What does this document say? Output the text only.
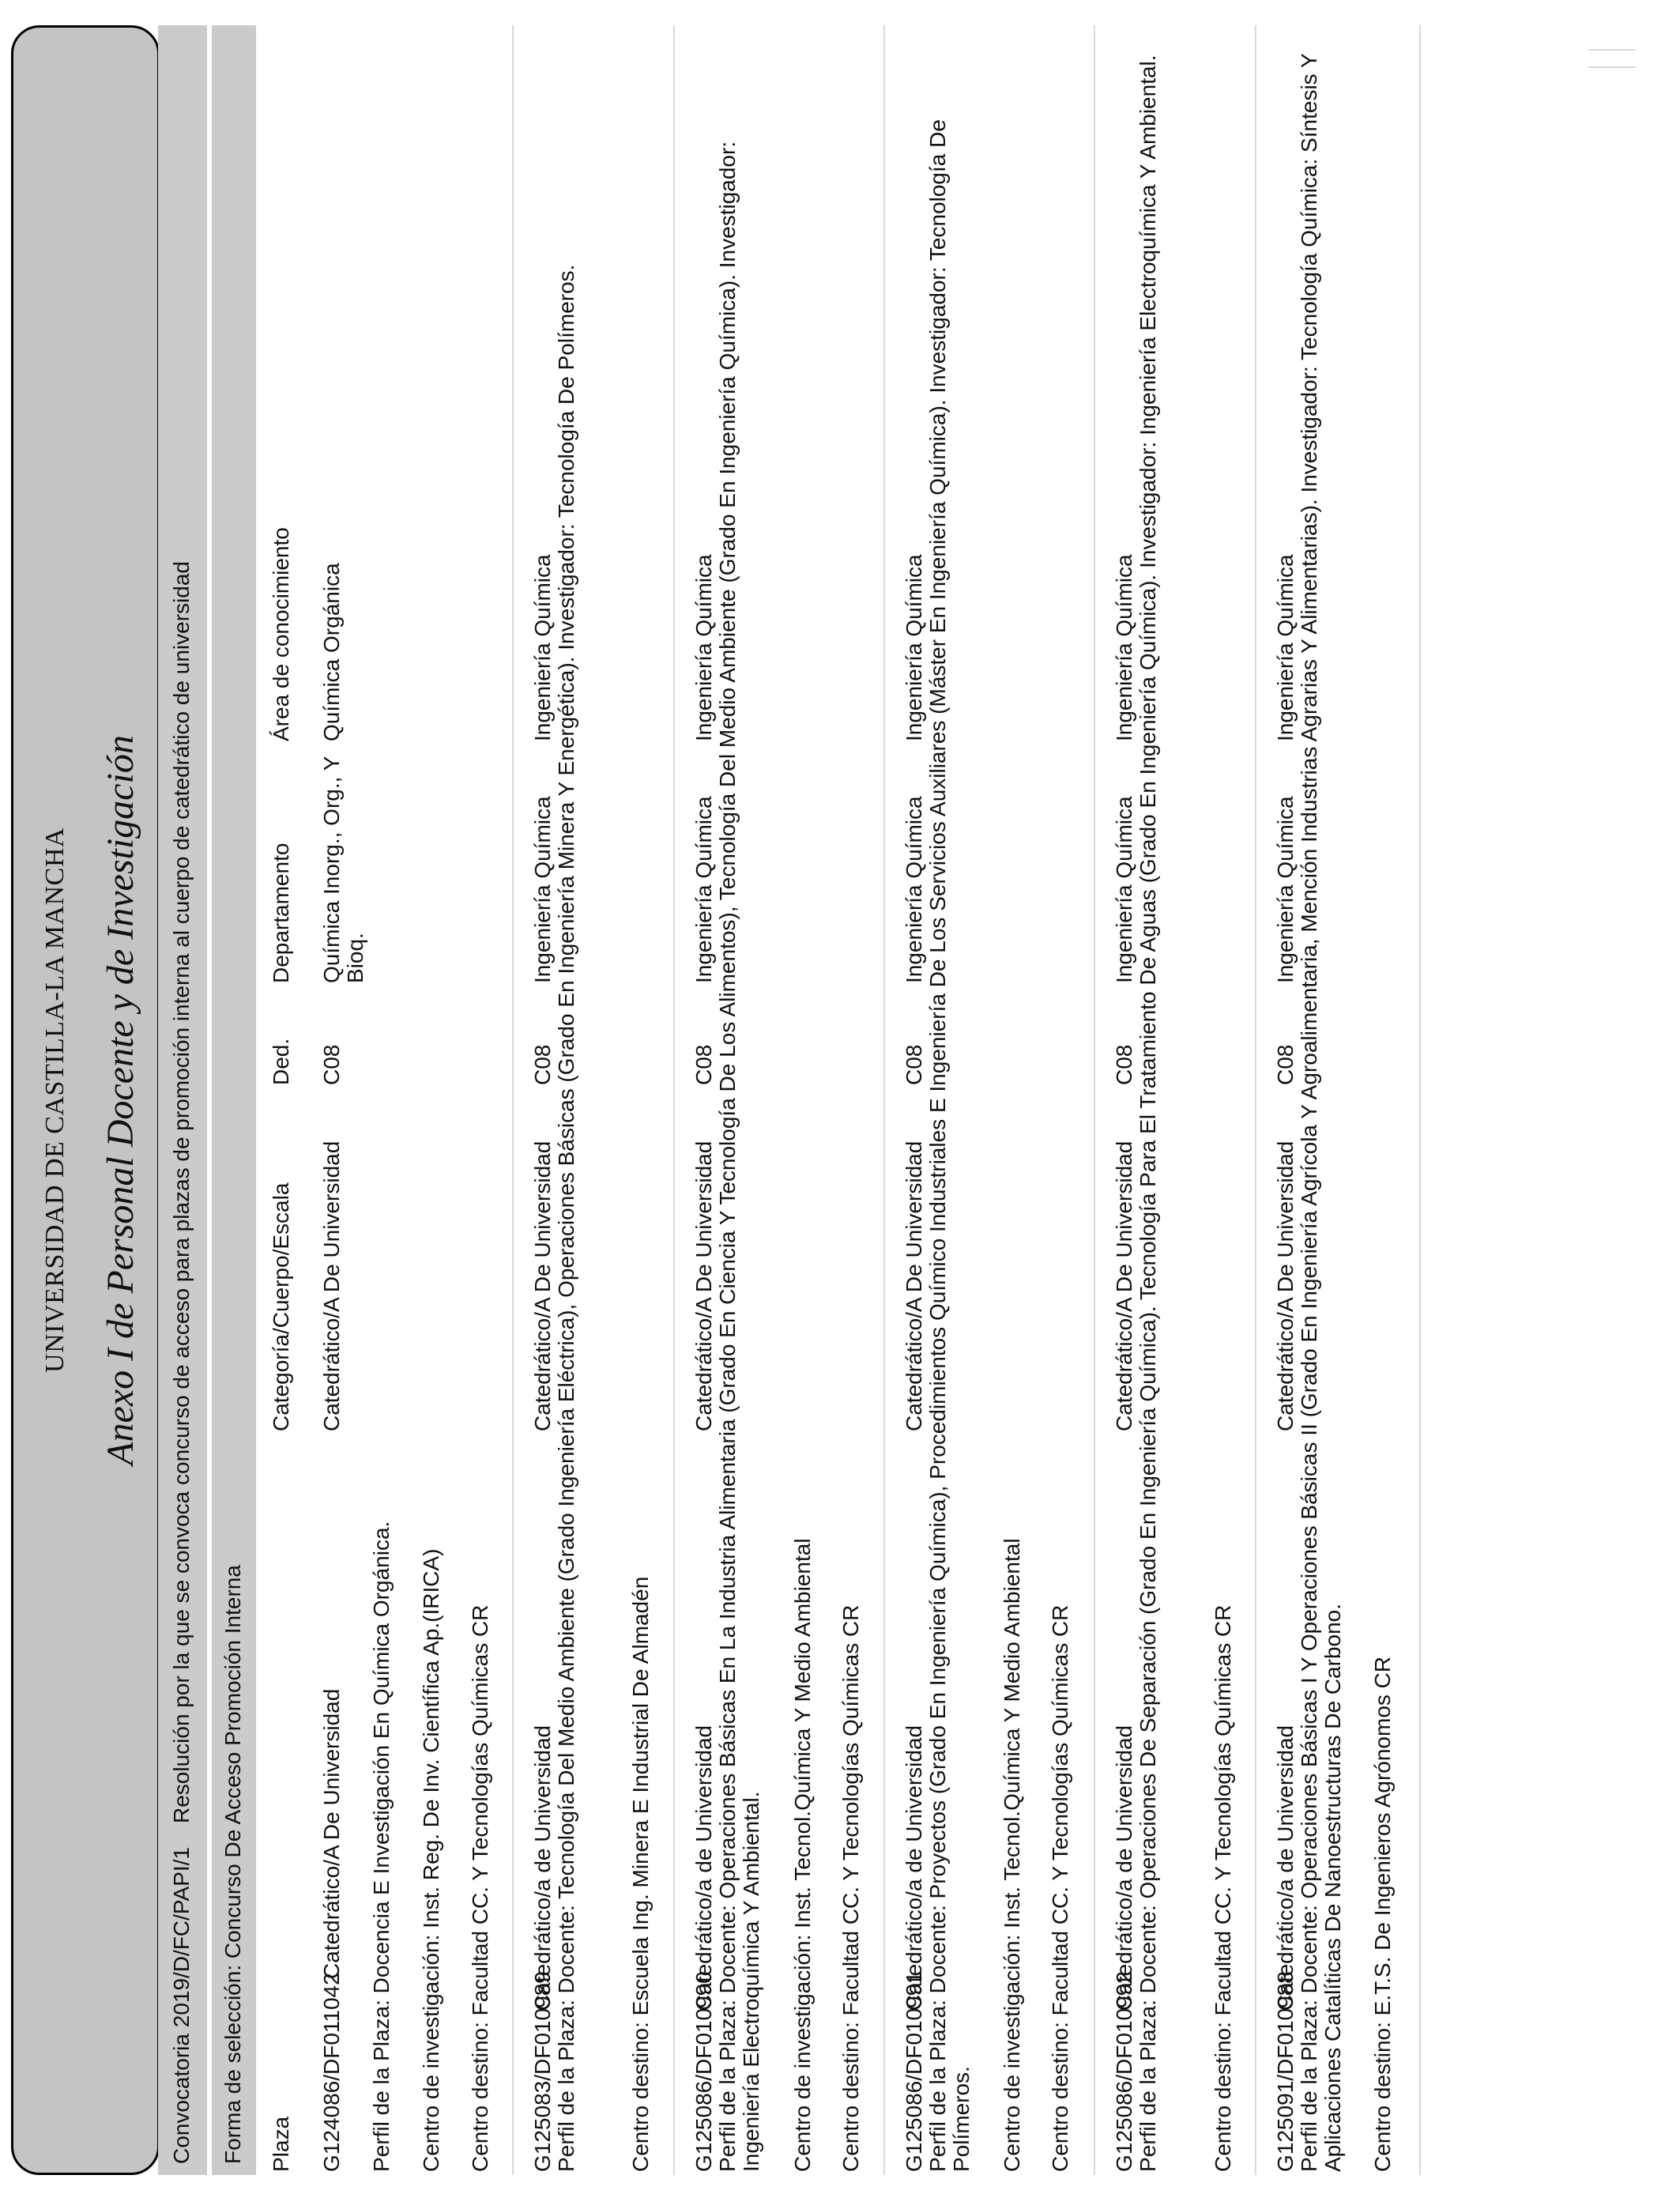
UNIVERSIDAD DE CASTILLA-LA MANCHA Anexo I de Personal Docente y de Investigación
Convocatoria 2019/D/FC/PAPI/1
Resolución por la que se convoca concurso de acceso para plazas de promoción interna al cuerpo de catedrático de universidad
Forma de selección: Concurso De Acceso Promoción Interna Plaza
Categoría/Cuerpo/Escala
Ded.
Departamento
Área de conocimiento
G124086/DF011042
Catedrático/A De Universidad
Catedrático/A De Universidad
C08
Química Inorg., Org., Y Bioq.
Química Orgánica
Perfil de la Plaza: Docencia E Investigación En Química Orgánica. Centro de investigación: Inst. Reg. De Inv. Científica Ap.(IRICA) Centro destino: Facultad CC. Y Tecnologías Químicas CR G125083/DF010989
Catedrático/a de Universidad
Catedrático/A De Universidad
C08
Ingeniería Química
Ingeniería Química Perfil de la Plaza: Docente: Tecnología Del Medio Ambiente (Grado Ingeniería Eléctrica), Operaciones Básicas (Grado En Ingeniería Minera Y Energética). Investigador: Tecnología De Polímeros. Centro destino: Escuela Ing. Minera E Industrial De Almadén G125086/DF010990
Catedrático/a de Universidad
Catedrático/A De Universidad
C08
Ingeniería Química
Ingeniería Química Perfil de la Plaza: Docente: Operaciones Básicas En La Industria Alimentaria (Grado En Ciencia Y Tecnología De Los Alimentos), Tecnología Del Medio Ambiente (Grado En Ingeniería Química). Investigador: Ingeniería Electroquímica Y Ambiental. Centro de investigación: Inst. Tecnol.Química Y Medio Ambiental Centro destino: Facultad CC. Y Tecnologías Químicas CR G125086/DF010991
Catedrático/a de Universidad
Catedrático/A De Universidad
C08
Ingeniería Química
Ingeniería Química Perfil de la Plaza: Docente: Proyectos (Grado En Ingeniería Química), Procedimientos Químico Industriales E Ingeniería De Los Servicios Auxiliares (Máster En Ingeniería Química). Investigador: Tecnología De Polímeros. Centro de investigación: Inst. Tecnol.Química Y Medio Ambiental Centro destino: Facultad CC. Y Tecnologías Químicas CR G125086/DF010992
Catedrático/a de Universidad
Catedrático/A De Universidad
C08
Ingeniería Química
Ingeniería Química Perfil de la Plaza: Docente: Operaciones De Separación (Grado En Ingeniería Química). Tecnología Para El Tratamiento De Aguas (Grado En Ingeniería Química). Investigador: Ingeniería Electroquímica Y Ambiental. Centro destino: Facultad CC. Y Tecnologías Químicas CR G125091/DF010988
Catedrático/a de Universidad
Catedrático/A De Universidad
C08
Ingeniería Química
Ingeniería Química Perfil de la Plaza: Docente: Operaciones Básicas I Y Operaciones Básicas II (Grado En Ingeniería Agrícola Y Agroalimentaria, Mención Industrias Agrarias Y Alimentarias). Investigador: Tecnología Química: Síntesis Y Aplicaciones Catalíticas De Nanoestructuras De Carbono. Centro destino: E.T.S. De Ingenieros Agrónomos CR
